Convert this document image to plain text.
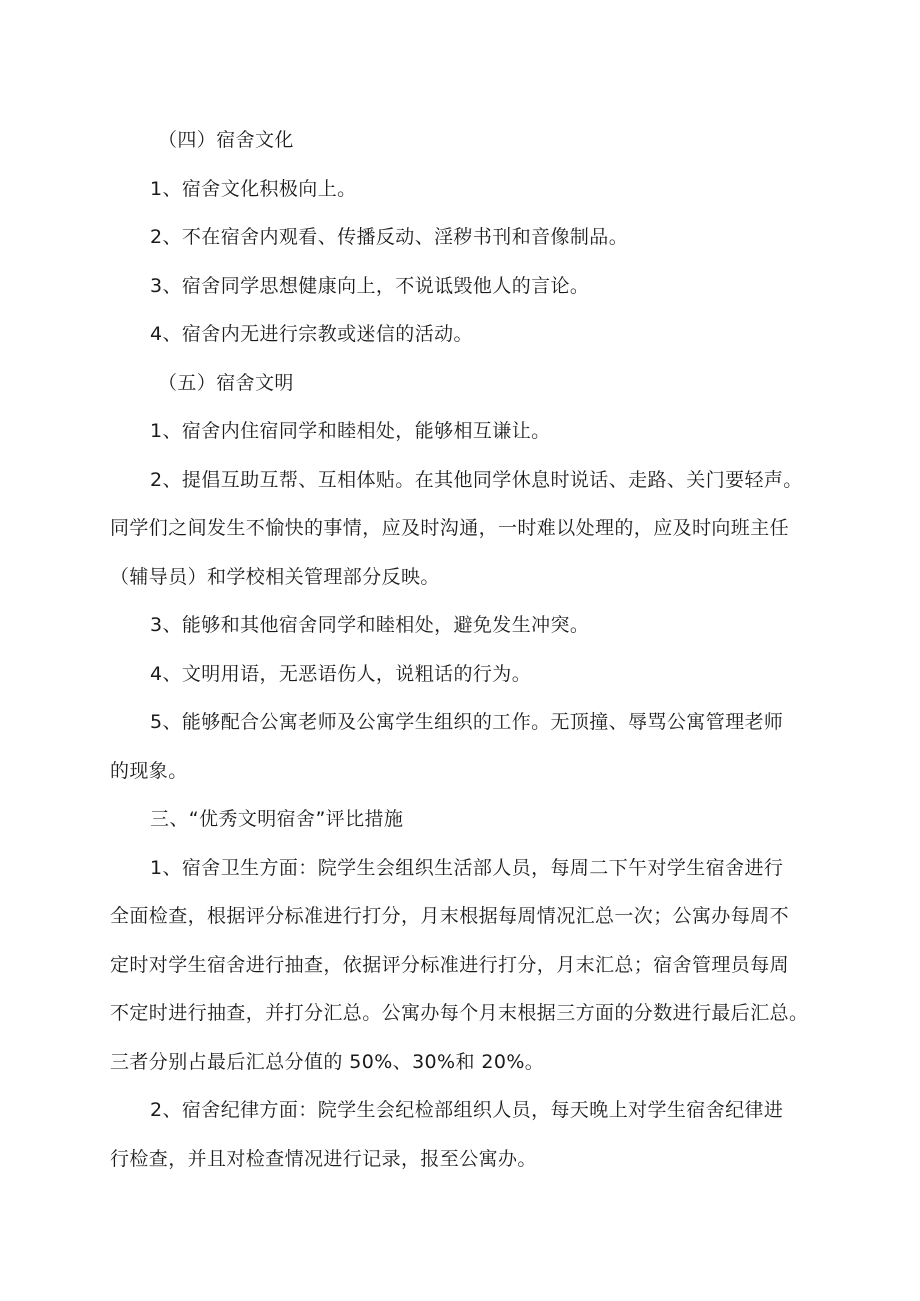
（四）宿舍文化
1、宿舍文化积极向上。
2、不在宿舍内观看、传播反动、淫秽书刊和音像制品。
3、宿舍同学思想健康向上，不说诋毁他人的言论。
4、宿舍内无进行宗教或迷信的活动。
（五）宿舍文明
1、宿舍内住宿同学和睦相处，能够相互谦让。
2、提倡互助互帮、互相体贴。在其他同学休息时说话、走路、关门要轻声。
同学们之间发生不愉快的事情，应及时沟通，一时难以处理的，应及时向班主任
（辅导员）和学校相关管理部分反映。
3、能够和其他宿舍同学和睦相处，避免发生冲突。
4、文明用语，无恶语伤人，说粗话的行为。
5、能够配合公寓老师及公寓学生组织的工作。无顶撞、辱骂公寓管理老师
的现象。
三、“优秀文明宿舍”评比措施
1、宿舍卫生方面：院学生会组织生活部人员，每周二下午对学生宿舍进行
全面检查，根据评分标准进行打分，月末根据每周情况汇总一次；公寓办每周不
定时对学生宿舍进行抽查，依据评分标准进行打分，月末汇总；宿舍管理员每周
不定时进行抽查，并打分汇总。公寓办每个月末根据三方面的分数进行最后汇总。
三者分别占最后汇总分值的 50%、30%和 20%。
2、宿舍纪律方面：院学生会纪检部组织人员，每天晚上对学生宿舍纪律进
行检查，并且对检查情况进行记录，报至公寓办。
